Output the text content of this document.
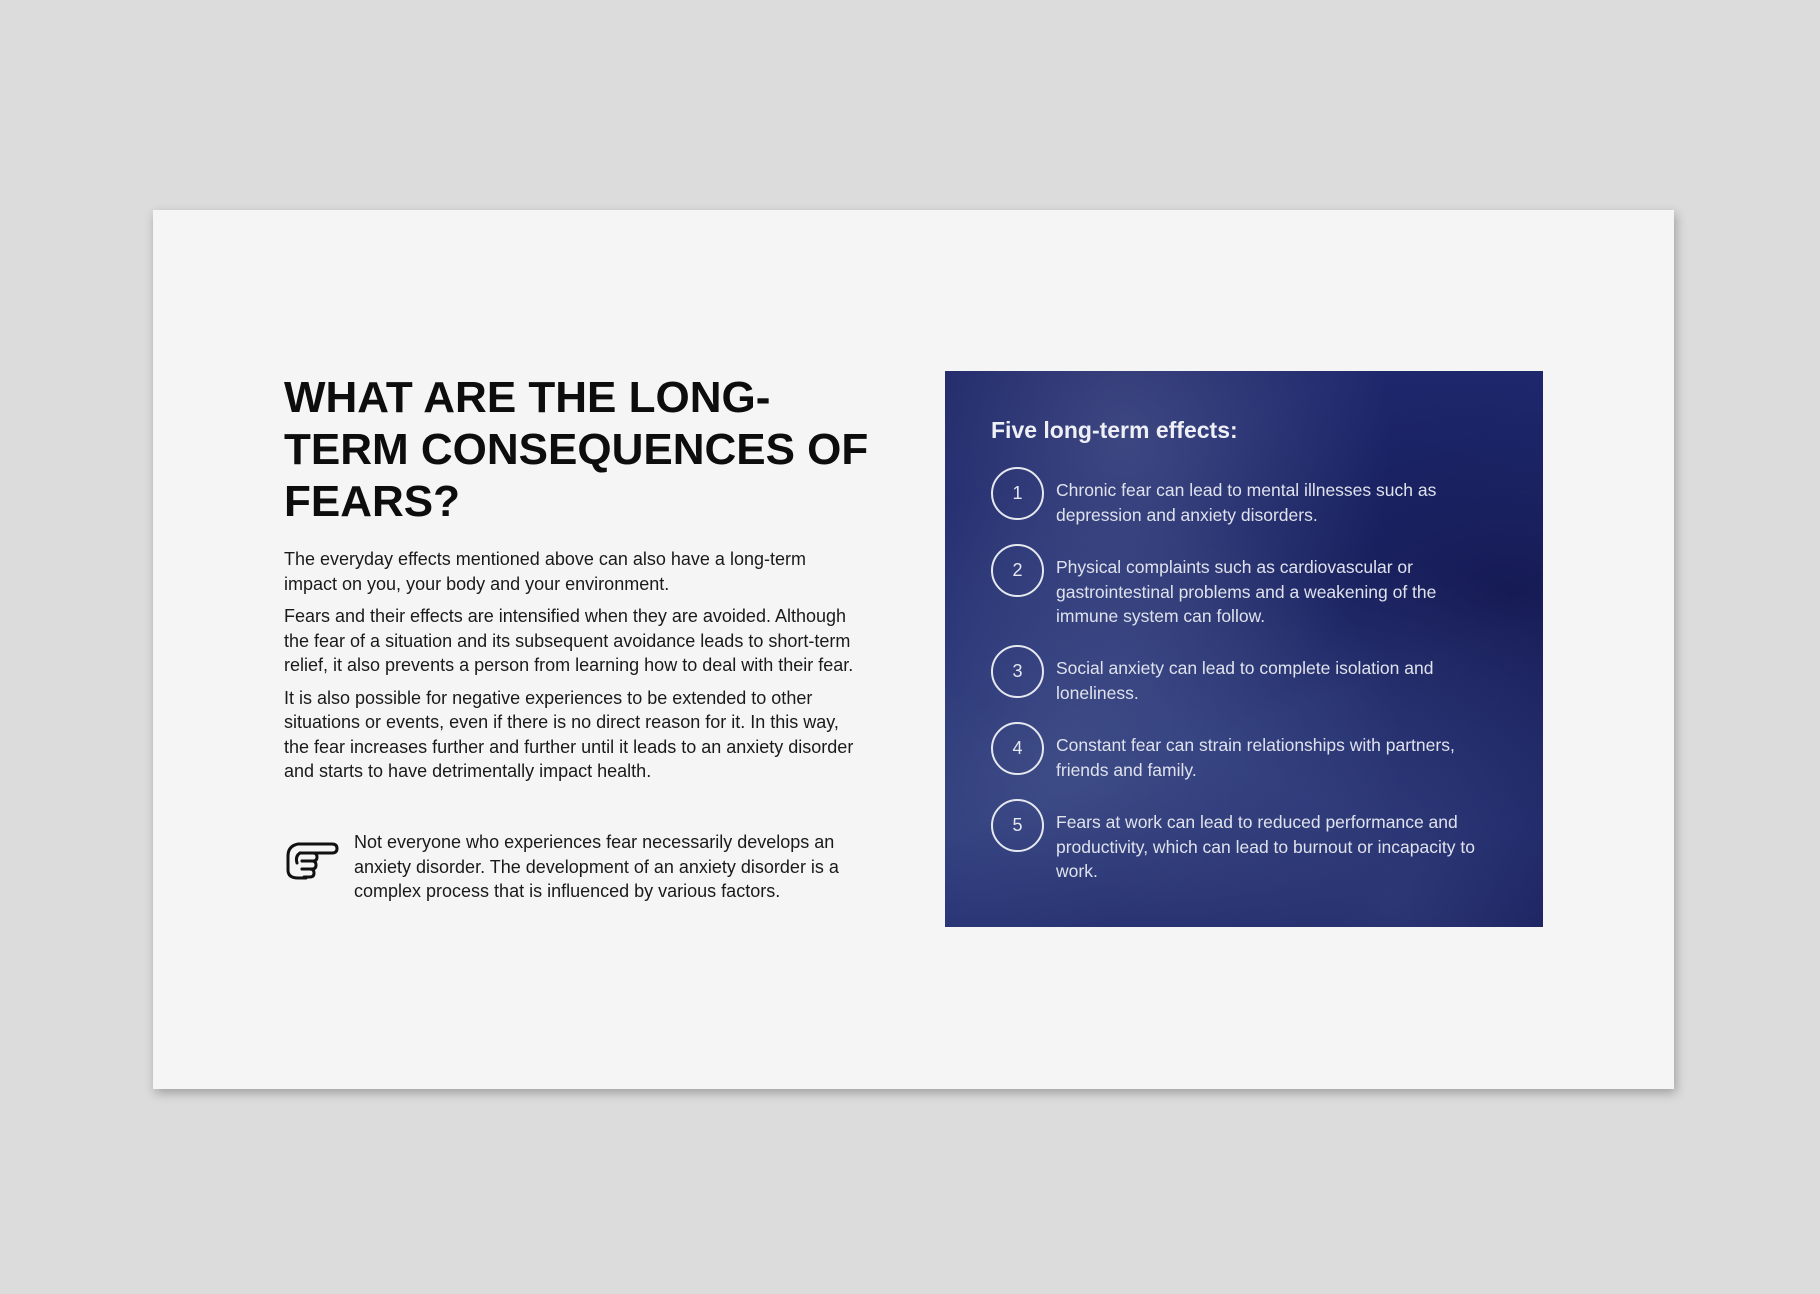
WHAT ARE THE LONG-TERM CONSEQUENCES OF FEARS?

The everyday effects mentioned above can also have a long-term impact on you, your body and your environment.

Fears and their effects are intensified when they are avoided. Although the fear of a situation and its subsequent avoidance leads to short-term relief, it also prevents a person from learning how to deal with their fear.

It is also possible for negative experiences to be extended to other situations or events, even if there is no direct reason for it. In this way, the fear increases further and further until it leads to an anxiety disorder and starts to have detrimentally impact health.

Not everyone who experiences fear necessarily develops an anxiety disorder. The development of an anxiety disorder is a complex process that is influenced by various factors.
Five long-term effects:
1	Chronic fear can lead to mental illnesses such as depression and anxiety disorders.
2	Physical complaints such as cardiovascular or gastrointestinal problems and a weakening of the immune system can follow.
3	Social anxiety can lead to complete isolation and loneliness.
4	Constant fear can strain relationships with partners, friends and family.
5	Fears at work can lead to reduced performance and productivity, which can lead to burnout or incapacity to work.
